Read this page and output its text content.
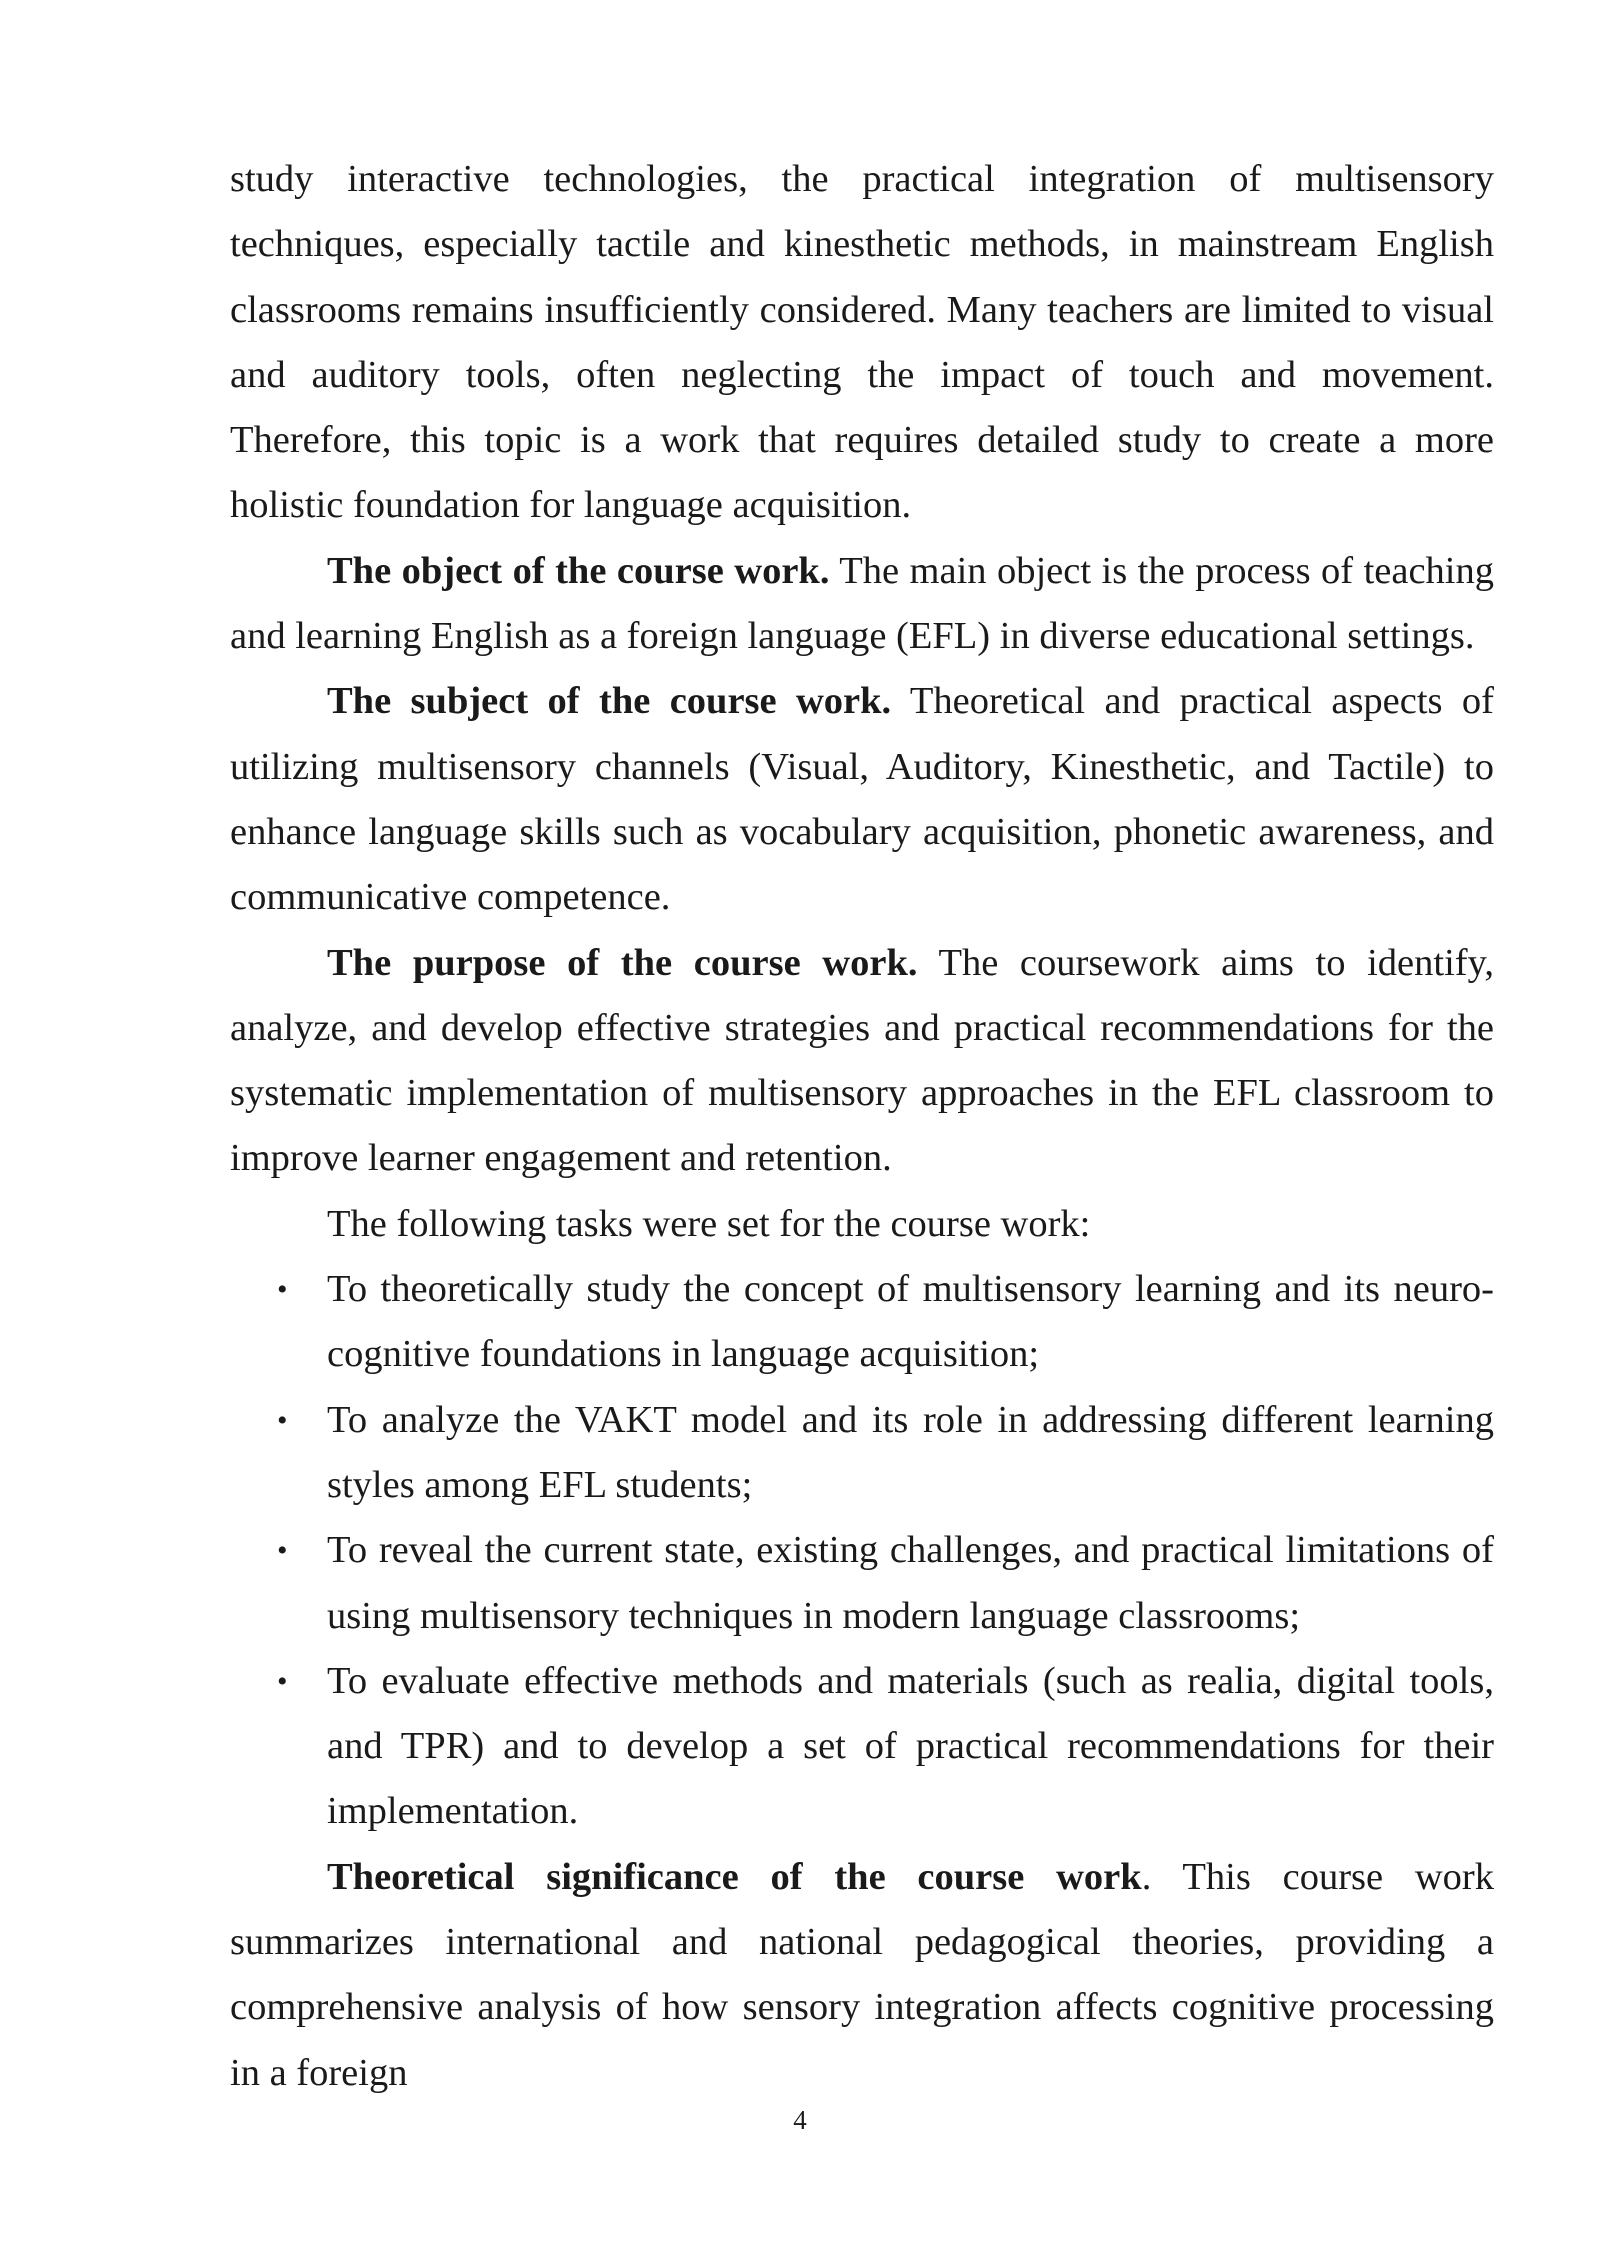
study interactive technologies, the practical integration of multisensory techniques, especially tactile and kinesthetic methods, in mainstream English classrooms remains insufficiently considered. Many teachers are limited to visual and auditory tools, often neglecting the impact of touch and movement. Therefore, this topic is a work that requires detailed study to create a more holistic foundation for language acquisition.

The object of the course work. The main object is the process of teaching and learning English as a foreign language (EFL) in diverse educational settings.

The subject of the course work. Theoretical and practical aspects of utilizing multisensory channels (Visual, Auditory, Kinesthetic, and Tactile) to enhance language skills such as vocabulary acquisition, phonetic awareness, and communicative competence.

The purpose of the course work. The coursework aims to identify, analyze, and develop effective strategies and practical recommendations for the systematic implementation of multisensory approaches in the EFL classroom to improve learner engagement and retention.

The following tasks were set for the course work:

• To theoretically study the concept of multisensory learning and its neuro-cognitive foundations in language acquisition;
• To analyze the VAKT model and its role in addressing different learning styles among EFL students;
• To reveal the current state, existing challenges, and practical limitations of using multisensory techniques in modern language classrooms;
• To evaluate effective methods and materials (such as realia, digital tools, and TPR) and to develop a set of practical recommendations for their implementation.

Theoretical significance of the course work. This course work summarizes international and national pedagogical theories, providing a comprehensive analysis of how sensory integration affects cognitive processing in a foreign

4
